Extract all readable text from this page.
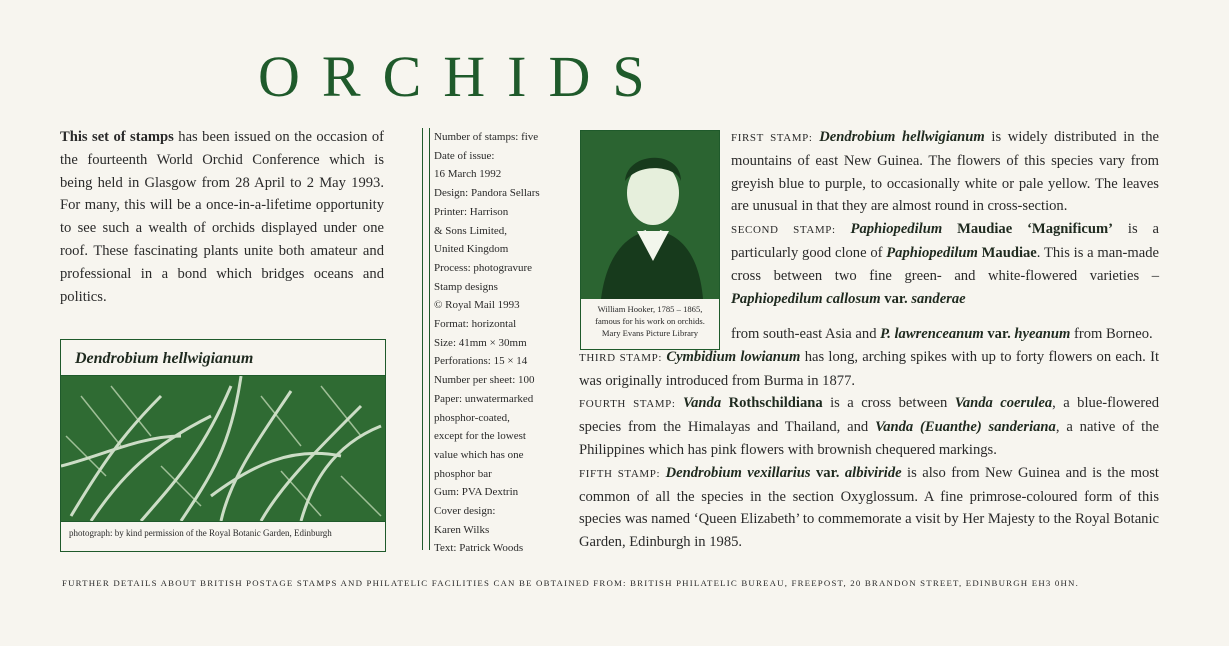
ORCHIDS
This set of stamps has been issued on the occasion of the fourteenth World Orchid Conference which is being held in Glasgow from 28 April to 2 May 1993. For many, this will be a once-in-a-lifetime opportunity to see such a wealth of orchids displayed under one roof. These fascinating plants unite both amateur and professional in a bond which bridges oceans and politics.
Dendrobium hellwigianum
photograph: by kind permission of the Royal Botanic Garden, Edinburgh
Number of stamps: five
Date of issue:
16 March 1992
Design: Pandora Sellars
Printer: Harrison
& Sons Limited,
United Kingdom
Process: photogravure
Stamp designs
© Royal Mail 1993
Format: horizontal
Size: 41mm × 30mm
Perforations: 15 × 14
Number per sheet: 100
Paper: unwatermarked
phosphor-coated,
except for the lowest
value which has one
phosphor bar
Gum: PVA Dextrin
Cover design:
Karen Wilks
Text: Patrick Woods
William Hooker, 1785 – 1865,
famous for his work on orchids.
Mary Evans Picture Library

FIRST STAMP: Dendrobium hellwigianum is widely distributed in the mountains of east New Guinea. The flowers of this species vary from greyish blue to purple, to occasionally white or pale yellow. The leaves are unusual in that they are almost round in cross-section.

SECOND STAMP: Paphiopedilum Maudiae ‘Magnificum’ is a particularly good clone of Paphiopedilum Maudiae. This is a man-made cross between two fine green- and white-flowered varieties – Paphiopedilum callosum var. sanderae

from south-east Asia and P. lawrenceanum var. hyeanum from Borneo.

THIRD STAMP: Cymbidium lowianum has long, arching spikes with up to forty flowers on each. It was originally introduced from Burma in 1877.

FOURTH STAMP: Vanda Rothschildiana is a cross between Vanda coerulea, a blue-flowered species from the Himalayas and Thailand, and Vanda (Euanthe) sanderiana, a native of the Philippines which has pink flowers with brownish chequered markings.

FIFTH STAMP: Dendrobium vexillarius var. albiviride is also from New Guinea and is the most common of all the species in the section Oxyglossum. A fine primrose-coloured form of this species was named ‘Queen Elizabeth’ to commemorate a visit by Her Majesty to the Royal Botanic Garden, Edinburgh in 1985.

FURTHER DETAILS ABOUT BRITISH POSTAGE STAMPS AND PHILATELIC FACILITIES CAN BE OBTAINED FROM: BRITISH PHILATELIC BUREAU, FREEPOST, 20 BRANDON STREET, EDINBURGH EH3 0HN.
